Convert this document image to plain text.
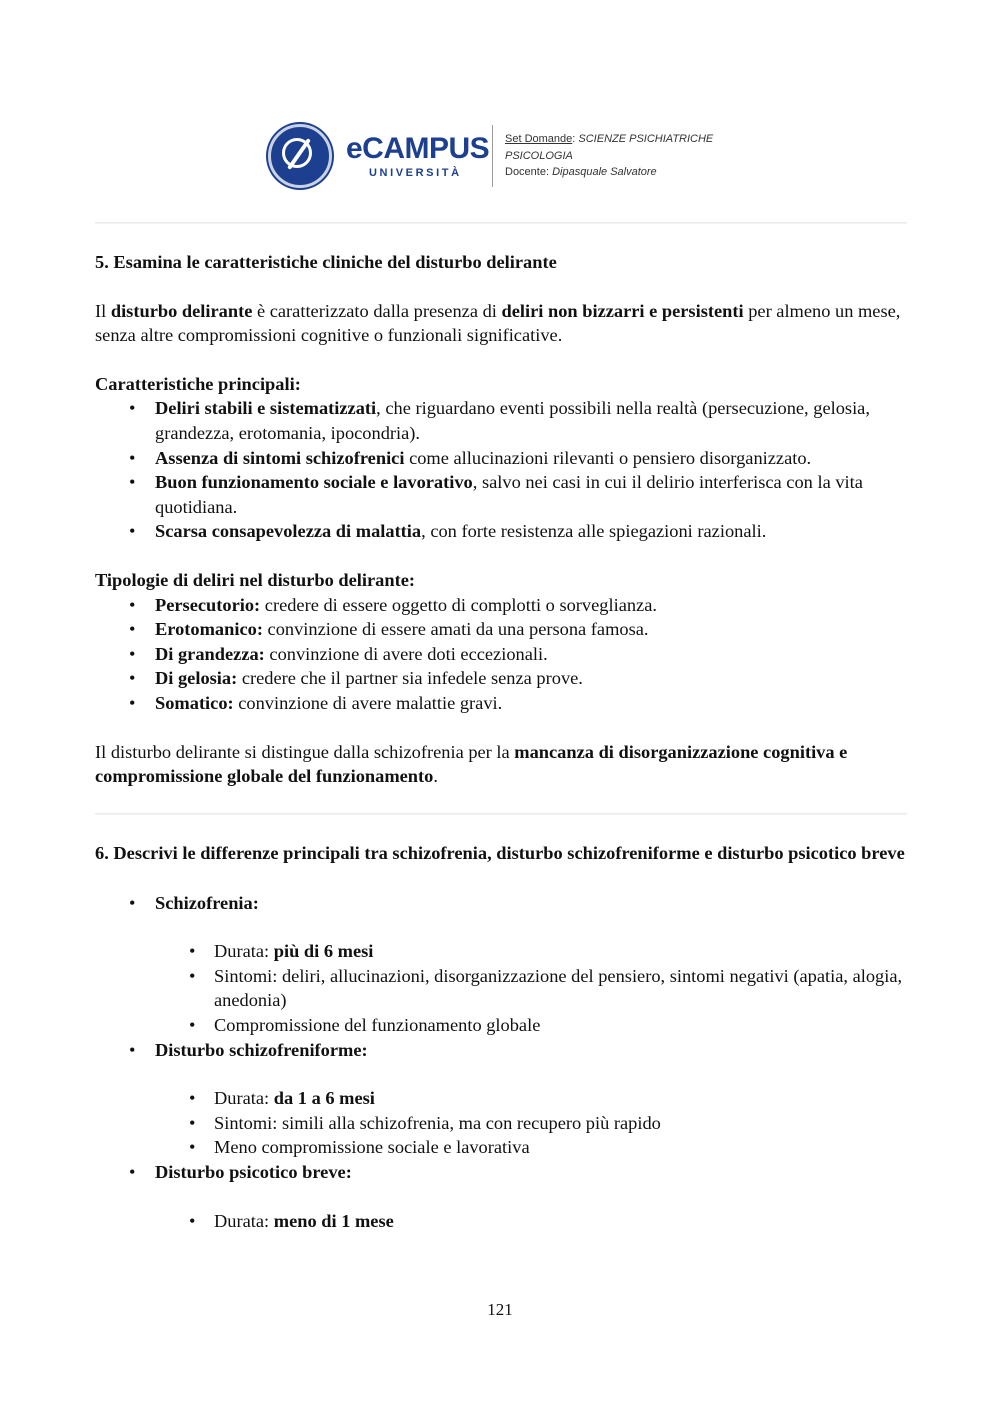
eCAMPUS
UNIVERSITÀ
Set Domande: SCIENZE PSICHIATRICHE
PSICOLOGIA
Docente: Dipasquale Salvatore

5. Esamina le caratteristiche cliniche del disturbo delirante

Il disturbo delirante è caratterizzato dalla presenza di deliri non bizzarri e persistenti per almeno un mese, senza altre compromissioni cognitive o funzionali significative.

Caratteristiche principali:

• Deliri stabili e sistematizzati, che riguardano eventi possibili nella realtà (persecuzione, gelosia, grandezza, erotomania, ipocondria).
• Assenza di sintomi schizofrenici come allucinazioni rilevanti o pensiero disorganizzato.
• Buon funzionamento sociale e lavorativo, salvo nei casi in cui il delirio interferisca con la vita quotidiana.
• Scarsa consapevolezza di malattia, con forte resistenza alle spiegazioni razionali.

Tipologie di deliri nel disturbo delirante:

• Persecutorio: credere di essere oggetto di complotti o sorveglianza.
• Erotomanico: convinzione di essere amati da una persona famosa.
• Di grandezza: convinzione di avere doti eccezionali.
• Di gelosia: credere che il partner sia infedele senza prove.
• Somatico: convinzione di avere malattie gravi.

Il disturbo delirante si distingue dalla schizofrenia per la mancanza di disorganizzazione cognitiva e compromissione globale del funzionamento.

6. Descrivi le differenze principali tra schizofrenia, disturbo schizofreniforme e disturbo psicotico breve

• Schizofrenia:
• Durata: più di 6 mesi
• Sintomi: deliri, allucinazioni, disorganizzazione del pensiero, sintomi negativi (apatia, alogia, anedonia)
• Compromissione del funzionamento globale
• Disturbo schizofreniforme:
• Durata: da 1 a 6 mesi
• Sintomi: simili alla schizofrenia, ma con recupero più rapido
• Meno compromissione sociale e lavorativa
• Disturbo psicotico breve:
• Durata: meno di 1 mese
121
